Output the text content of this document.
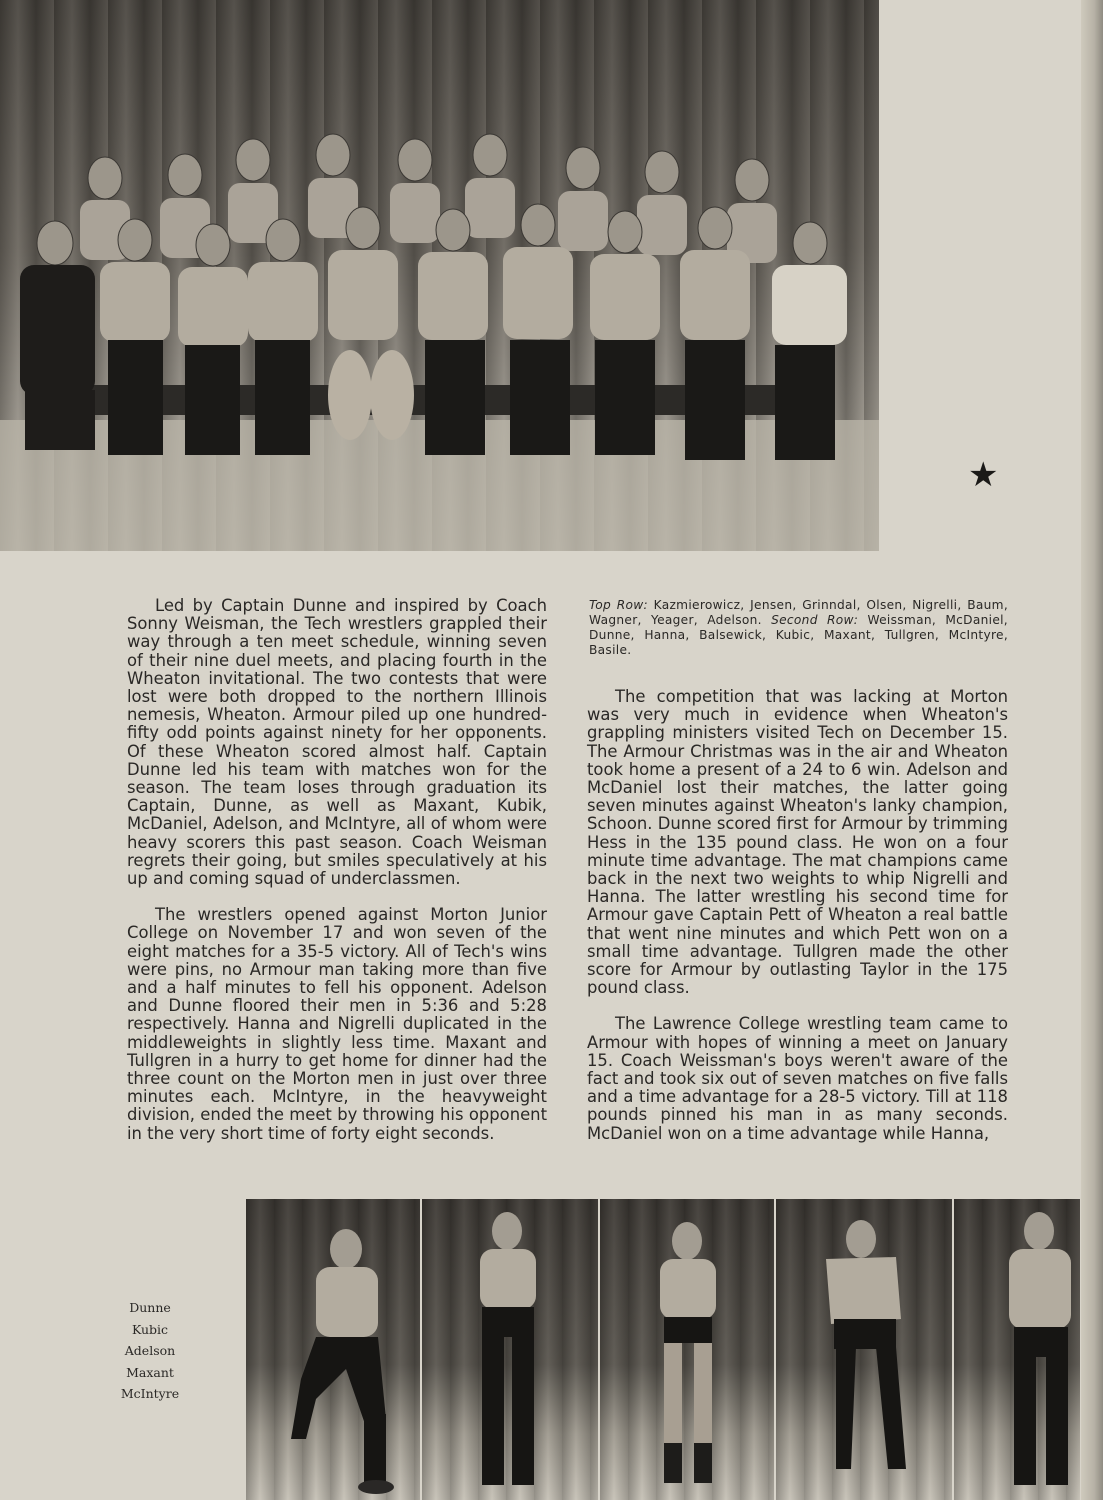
★

Led by Captain Dunne and inspired by Coach Sonny Weisman, the Tech wrestlers grappled their way through a ten meet schedule, winning seven of their nine duel meets, and placing fourth in the Wheaton invitational. The two contests that were lost were both dropped to the northern Illinois nemesis, Wheaton. Armour piled up one hundred-fifty odd points against ninety for her opponents. Of these Wheaton scored almost half. Captain Dunne led his team with matches won for the season. The team loses through graduation its Captain, Dunne, as well as Maxant, Kubik, McDaniel, Adelson, and McIntyre, all of whom were heavy scorers this past season. Coach Weisman regrets their going, but smiles speculatively at his up and coming squad of underclassmen.

The wrestlers opened against Morton Junior College on November 17 and won seven of the eight matches for a 35-5 victory. All of Tech's wins were pins, no Armour man taking more than five and a half minutes to fell his opponent. Adelson and Dunne floored their men in 5:36 and 5:28 respectively. Hanna and Nigrelli duplicated in the middleweights in slightly less time. Maxant and Tullgren in a hurry to get home for dinner had the three count on the Morton men in just over three minutes each. McIntyre, in the heavyweight division, ended the meet by throwing his opponent in the very short time of forty eight seconds.

Top Row: Kazmierowicz, Jensen, Grinndal, Olsen, Nigrelli, Baum, Wagner, Yeager, Adelson. Second Row: Weissman, McDaniel, Dunne, Hanna, Balsewick, Kubic, Maxant, Tullgren, McIntyre, Basile.

The competition that was lacking at Morton was very much in evidence when Wheaton's grappling ministers visited Tech on December 15. The Armour Christmas was in the air and Wheaton took home a present of a 24 to 6 win. Adelson and McDaniel lost their matches, the latter going seven minutes against Wheaton's lanky champion, Schoon. Dunne scored first for Armour by trimming Hess in the 135 pound class. He won on a four minute time advantage. The mat champions came back in the next two weights to whip Nigrelli and Hanna. The latter wrestling his second time for Armour gave Captain Pett of Wheaton a real battle that went nine minutes and which Pett won on a small time advantage. Tullgren made the other score for Armour by outlasting Taylor in the 175 pound class.

The Lawrence College wrestling team came to Armour with hopes of winning a meet on January 15. Coach Weissman's boys weren't aware of the fact and took six out of seven matches on five falls and a time advantage for a 28-5 victory. Till at 118 pounds pinned his man in as many seconds. McDaniel won on a time advantage while Hanna,

Dunne
Kubic
Adelson
Maxant
McIntyre
